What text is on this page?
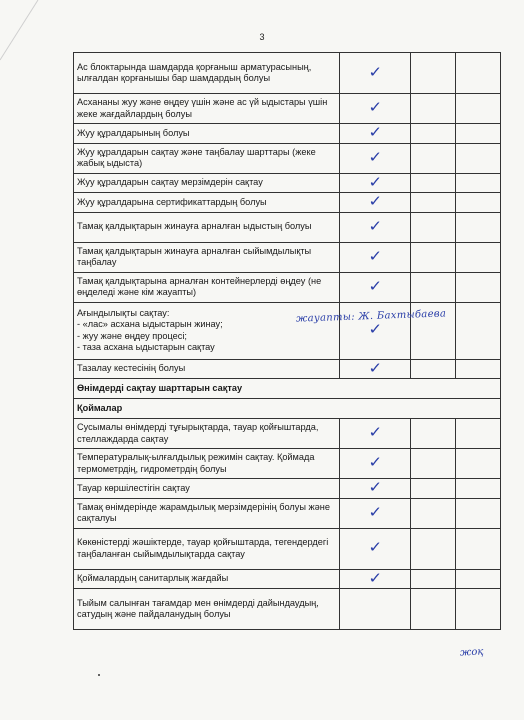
3
Ас блоктарында шамдарда қорғаныш арматурасының, ылғалдан қорғанышы бар шамдардың болуы	✓		
Асхананы жуу және өңдеу үшін және ас үй ыдыстары үшін жеке жағдайлардың болуы	✓		
Жуу құралдарының болуы	✓		
Жуу құралдарын сақтау және таңбалау шарттары (жеке жабық ыдыста)	✓		
Жуу құралдарын сақтау мерзімдерін сақтау	✓		
Жуу құралдарына сертификаттардың болуы	✓		
Тамақ қалдықтарын жинауға арналған ыдыстың болуы	✓		
Тамақ қалдықтарын жинауға арналған сыйымдылықты таңбалау	✓		
Тамақ қалдықтарына арналған контейнерлерді өңдеу (не өңделеді және кім жауапты)	✓		
Ағындылықты сақтау:
- «лас» асхана ыдыстарын жинау;
- жуу және өңдеу процесі;
- таза асхана ыдыстарын сақтау	✓		
Тазалау кестесінің болуы	✓		
Өнімдерді сақтау шарттарын сақтау			
Қоймалар			
Сусымалы өнімдерді тұғырықтарда, тауар қойғыштарда, стеллаждарда сақтау	✓		
Температуралық-ылғалдылық режимін сақтау. Қоймада термометрдің, гидрометрдің болуы	✓		
Тауар көршілестігін сақтау	✓		
Тамақ өнімдерінде жарамдылық мерзімдерінің болуы және сақталуы	✓		
Көкөністерді жәшіктерде, тауар қойғыштарда, тегендердегі таңбаланған сыйымдылықтарда сақтау	✓		
Қоймалардың санитарлық жағдайы	✓		
Тыйым салынған тағамдар мен өнімдерді дайындаудың, сатудың және пайдаланудың болуы			
жауапты: Ж. Бахтыбаева
жоқ
